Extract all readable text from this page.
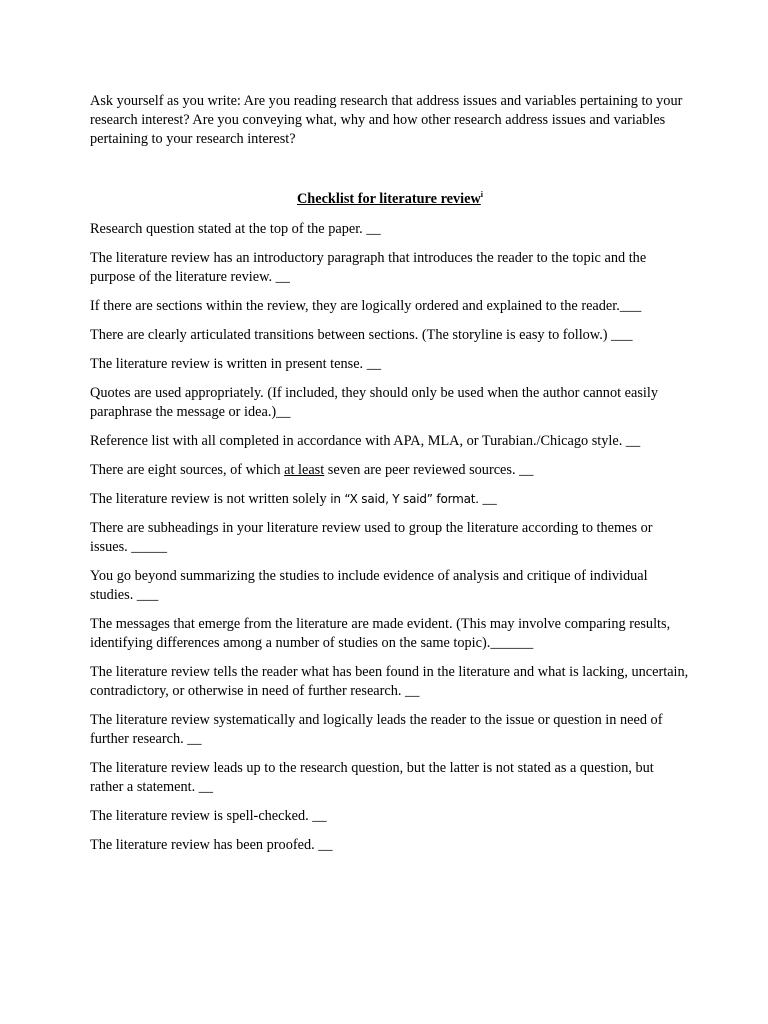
Ask yourself as you write: Are you reading research that address issues and variables pertaining to your research interest? Are you conveying what, why and how other research address issues and variables pertaining to your research interest?

Checklist for literature review$^i$

Research question stated at the top of the paper. __

The literature review has an introductory paragraph that introduces the reader to the topic and the purpose of the literature review. __

If there are sections within the review, they are logically ordered and explained to the reader.___

There are clearly articulated transitions between sections. (The storyline is easy to follow.) ___

The literature review is written in present tense. __

Quotes are used appropriately. (If included, they should only be used when the author cannot easily paraphrase the message or idea.)__

Reference list with all completed in accordance with APA, MLA, or Turabian./Chicago style. __

There are eight sources, of which at least seven are peer reviewed sources. __

The literature review is not written solely in “X said, Y said” format. __

There are subheadings in your literature review used to group the literature according to themes or issues. _____

You go beyond summarizing the studies to include evidence of analysis and critique of individual studies. ___

The messages that emerge from the literature are made evident. (This may involve comparing results, identifying differences among a number of studies on the same topic).______

The literature review tells the reader what has been found in the literature and what is lacking, uncertain, contradictory, or otherwise in need of further research. __

The literature review systematically and logically leads the reader to the issue or question in need of further research. __

The literature review leads up to the research question, but the latter is not stated as a question, but rather a statement. __

The literature review is spell-checked. __

The literature review has been proofed. __
